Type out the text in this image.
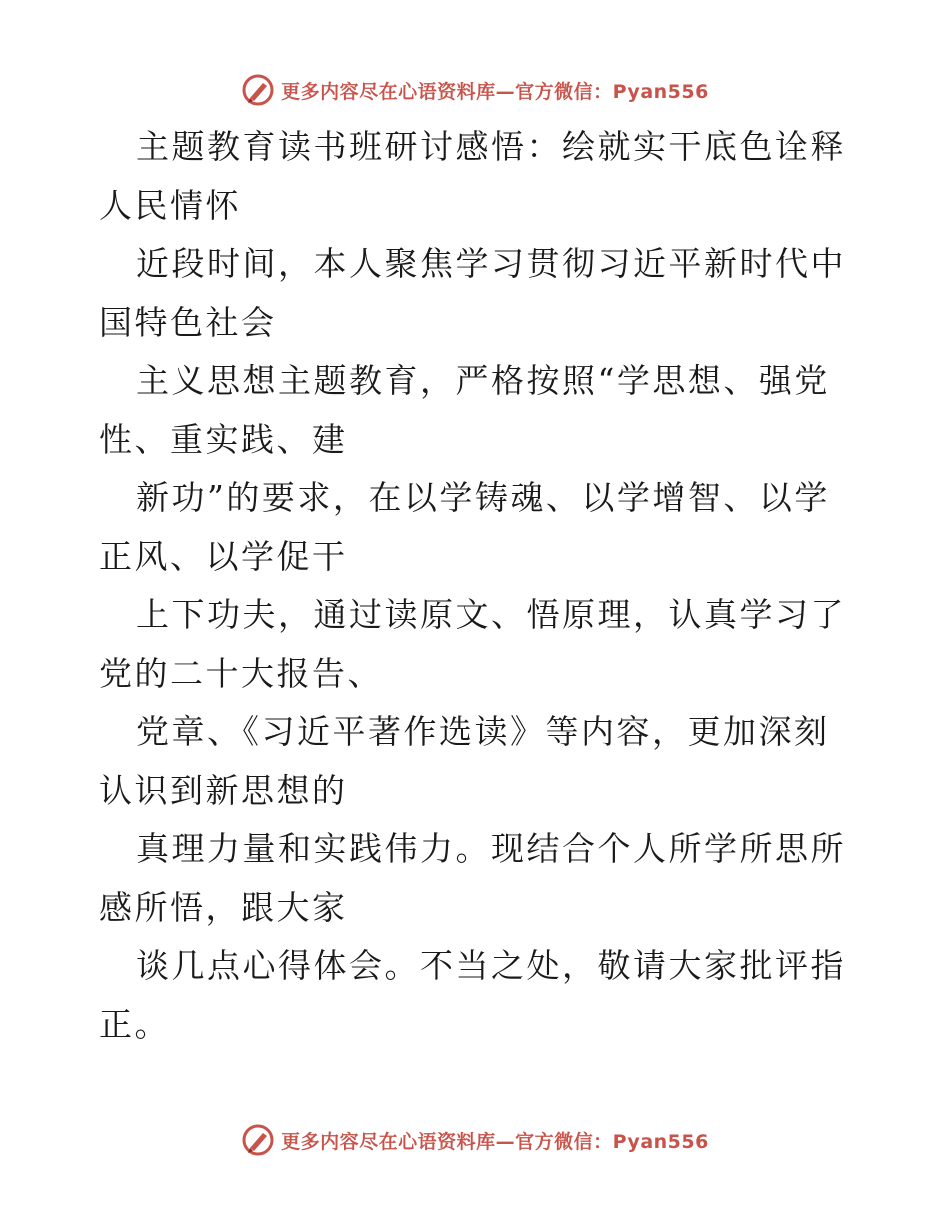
更多内容尽在心语资料库—官方微信：Pyan556

主题教育读书班研讨感悟：绘就实干底色诠释人民情怀

近段时间，本人聚焦学习贯彻习近平新时代中国特色社会

主义思想主题教育，严格按照“学思想、强党性、重实践、建

新功”的要求，在以学铸魂、以学增智、以学正风、以学促干

上下功夫，通过读原文、悟原理，认真学习了党的二十大报告、

党章、《习近平著作选读》等内容，更加深刻认识到新思想的

真理力量和实践伟力。现结合个人所学所思所感所悟，跟大家

谈几点心得体会。不当之处，敬请大家批评指正。

更多内容尽在心语资料库—官方微信：Pyan556
